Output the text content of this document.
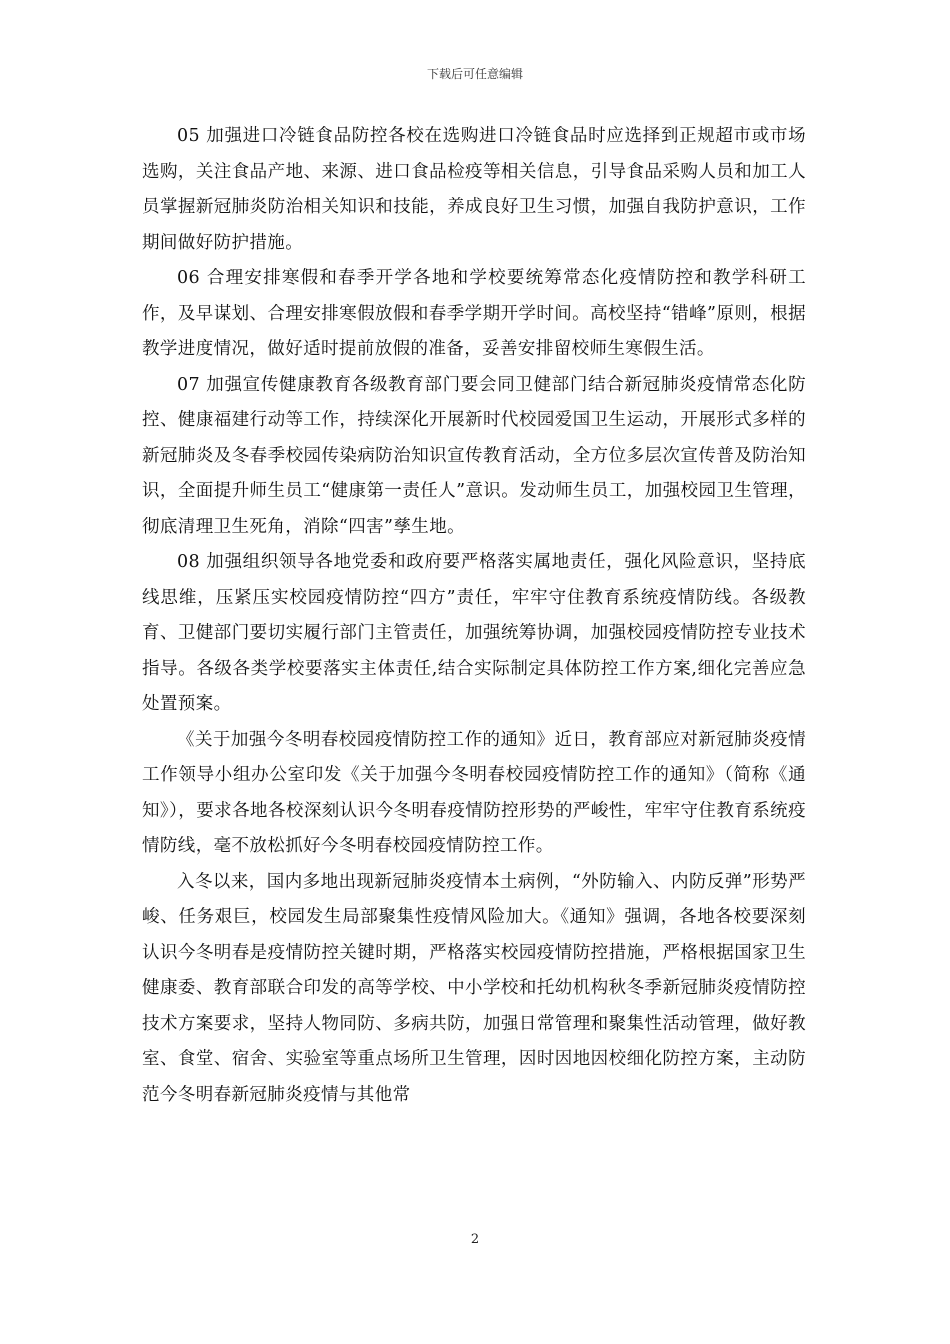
下载后可任意编辑

05 加强进口冷链食品防控各校在选购进口冷链食品时应选择到正规超市或市场选购，关注食品产地、来源、进口食品检疫等相关信息，引导食品采购人员和加工人员掌握新冠肺炎防治相关知识和技能，养成良好卫生习惯，加强自我防护意识，工作期间做好防护措施。

06 合理安排寒假和春季开学各地和学校要统筹常态化疫情防控和教学科研工作，及早谋划、合理安排寒假放假和春季学期开学时间。高校坚持“错峰”原则，根据教学进度情况，做好适时提前放假的准备，妥善安排留校师生寒假生活。

07 加强宣传健康教育各级教育部门要会同卫健部门结合新冠肺炎疫情常态化防控、健康福建行动等工作，持续深化开展新时代校园爱国卫生运动，开展形式多样的新冠肺炎及冬春季校园传染病防治知识宣传教育活动，全方位多层次宣传普及防治知识，全面提升师生员工“健康第一责任人”意识。发动师生员工，加强校园卫生管理，彻底清理卫生死角，消除“四害”孳生地。

08 加强组织领导各地党委和政府要严格落实属地责任，强化风险意识，坚持底线思维，压紧压实校园疫情防控“四方”责任，牢牢守住教育系统疫情防线。各级教育、卫健部门要切实履行部门主管责任，加强统筹协调，加强校园疫情防控专业技术指导。各级各类学校要落实主体责任,结合实际制定具体防控工作方案,细化完善应急处置预案。

《关于加强今冬明春校园疫情防控工作的通知》近日，教育部应对新冠肺炎疫情工作领导小组办公室印发《关于加强今冬明春校园疫情防控工作的通知》（简称《通知》），要求各地各校深刻认识今冬明春疫情防控形势的严峻性，牢牢守住教育系统疫情防线，毫不放松抓好今冬明春校园疫情防控工作。

入冬以来，国内多地出现新冠肺炎疫情本土病例，“外防输入、内防反弹”形势严峻、任务艰巨，校园发生局部聚集性疫情风险加大。《通知》强调，各地各校要深刻认识今冬明春是疫情防控关键时期，严格落实校园疫情防控措施，严格根据国家卫生健康委、教育部联合印发的高等学校、中小学校和托幼机构秋冬季新冠肺炎疫情防控技术方案要求，坚持人物同防、多病共防，加强日常管理和聚集性活动管理，做好教室、食堂、宿舍、实验室等重点场所卫生管理，因时因地因校细化防控方案，主动防范今冬明春新冠肺炎疫情与其他常

2
